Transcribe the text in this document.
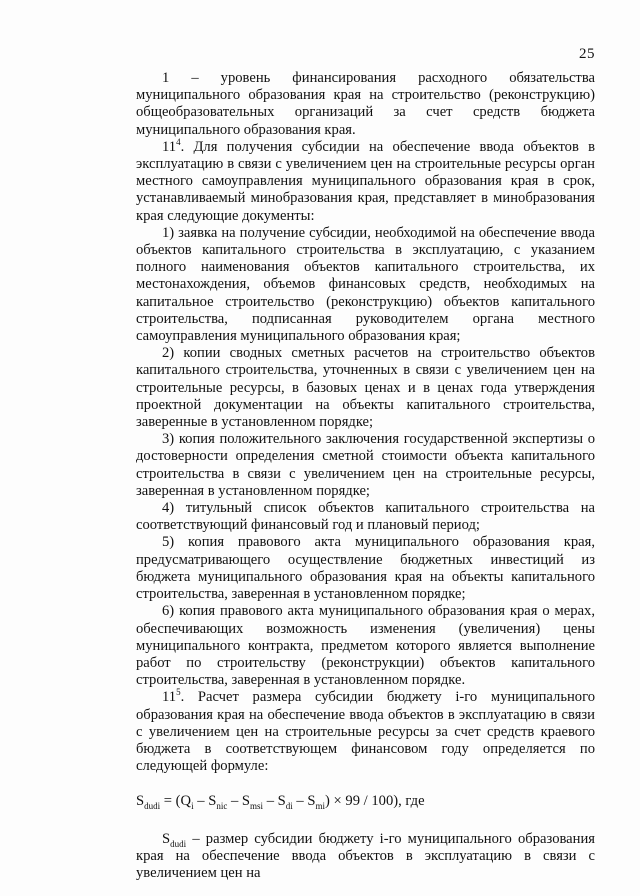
25

1 – уровень финансирования расходного обязательства муниципального образования края на строительство (реконструкцию) общеобразовательных организаций за счет средств бюджета муниципального образования края.

$11^4$. Для получения субсидии на обеспечение ввода объектов в эксплуатацию в связи с увеличением цен на строительные ресурсы орган местного самоуправления муниципального образования края в срок, устанавливаемый минобразования края, представляет в минобразования края следующие документы:

1) заявка на получение субсидии, необходимой на обеспечение ввода объектов капитального строительства в эксплуатацию, с указанием полного наименования объектов капитального строительства, их местонахождения, объемов финансовых средств, необходимых на капитальное строительство (реконструкцию) объектов капитального строительства, подписанная руководителем органа местного самоуправления муниципального образования края;

2) копии сводных сметных расчетов на строительство объектов капитального строительства, уточненных в связи с увеличением цен на строительные ресурсы, в базовых ценах и в ценах года утверждения проектной документации на объекты капитального строительства, заверенные в установленном порядке;

3) копия положительного заключения государственной экспертизы о достоверности определения сметной стоимости объекта капитального строительства в связи с увеличением цен на строительные ресурсы, заверенная в установленном порядке;

4) титульный список объектов капитального строительства на соответствующий финансовый год и плановый период;

5) копия правового акта муниципального образования края, предусматривающего осуществление бюджетных инвестиций из бюджета муниципального образования края на объекты капитального строительства, заверенная в установленном порядке;

6) копия правового акта муниципального образования края о мерах, обеспечивающих возможность изменения (увеличения) цены муниципального контракта, предметом которого является выполнение работ по строительству (реконструкции) объектов капитального строительства, заверенная в установленном порядке.

$11^5$. Расчет размера субсидии бюджету i-го муниципального образования края на обеспечение ввода объектов в эксплуатацию в связи с увеличением цен на строительные ресурсы за счет средств краевого бюджета в соответствующем финансовом году определяется по следующей формуле:

$S_{dudi} = (Q_i - S_{nic} - S_{msi} - S_{di} - S_{mi}) \times 99 / 100$), где

$S_{dudi}$ – размер субсидии бюджету i-го муниципального образования края на обеспечение ввода объектов в эксплуатацию в связи с увеличением цен на
